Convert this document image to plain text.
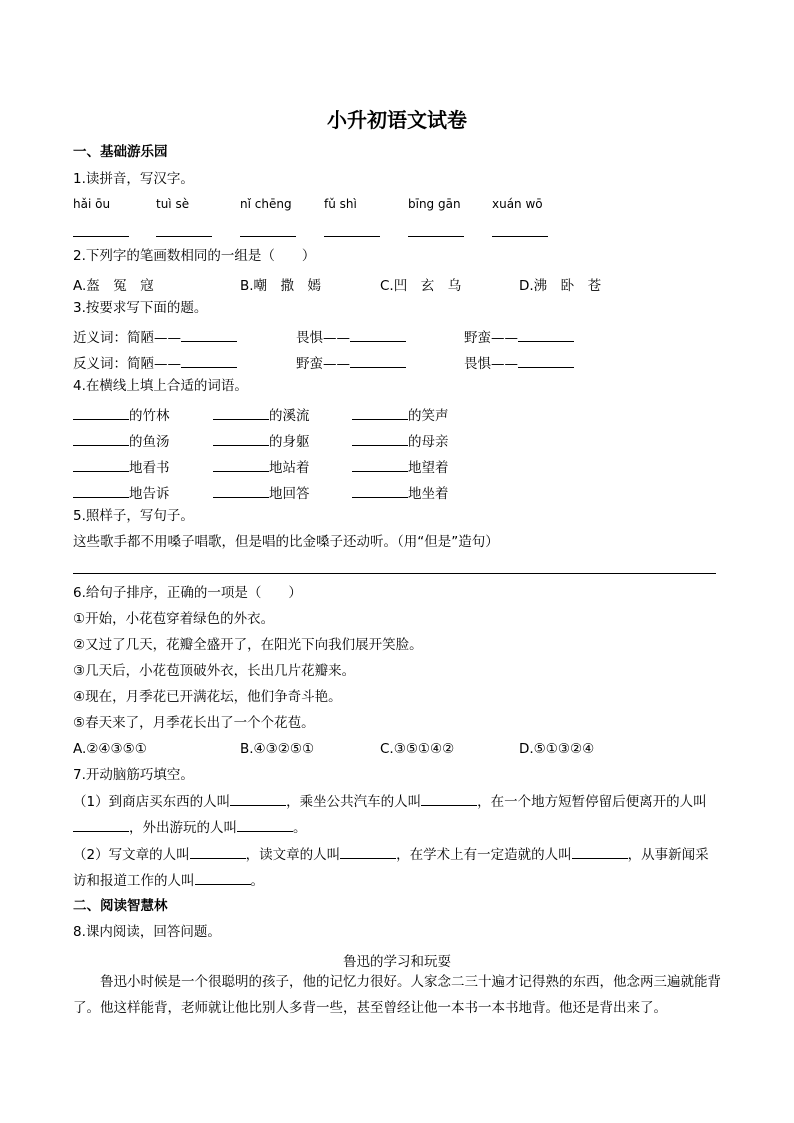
小升初语文试卷
一、基础游乐园
1.读拼音，写汉字。
hǎi ōu	tuì sè	nǐ chēng	fǔ shì	bīng gān	xuán wō
2.下列字的笔画数相同的一组是（　　）
A.盔　冤　寇	B.嘲　撒　嫣	C.凹　玄　乌	D.沸　卧　苍
3.按要求写下面的题。
近义词：简陋——	畏惧——	野蛮——
反义词：简陋——	野蛮——	畏惧——
4.在横线上填上合适的词语。
的竹林	的溪流	的笑声
的鱼汤	的身躯	的母亲
地看书	地站着	地望着
地告诉	地回答	地坐着
5.照样子，写句子。
这些歌手都不用嗓子唱歌，但是唱的比金嗓子还动听。（用“但是”造句）
6.给句子排序，正确的一项是（　　）
①开始，小花苞穿着绿色的外衣。
②又过了几天，花瓣全盛开了，在阳光下向我们展开笑脸。
③几天后，小花苞顶破外衣，长出几片花瓣来。
④现在，月季花已开满花坛，他们争奇斗艳。
⑤春天来了，月季花长出了一个个花苞。
A.②④③⑤①	B.④③②⑤①	C.③⑤①④②	D.⑤①③②④
7.开动脑筋巧填空。
（1）到商店买东西的人叫	，乘坐公共汽车的人叫	，在一个地方短暂停留后便离开的人叫
，外出游玩的人叫	。
（2）写文章的人叫	，读文章的人叫	，在学术上有一定造就的人叫	，从事新闻采
访和报道工作的人叫	。
二、阅读智慧林
8.课内阅读，回答问题。
鲁迅的学习和玩耍
鲁迅小时候是一个很聪明的孩子，他的记忆力很好。人家念二三十遍才记得熟的东西，他念两三遍就能背了。他这样能背，老师就让他比别人多背一些，甚至曾经让他一本书一本书地背。他还是背出来了。
